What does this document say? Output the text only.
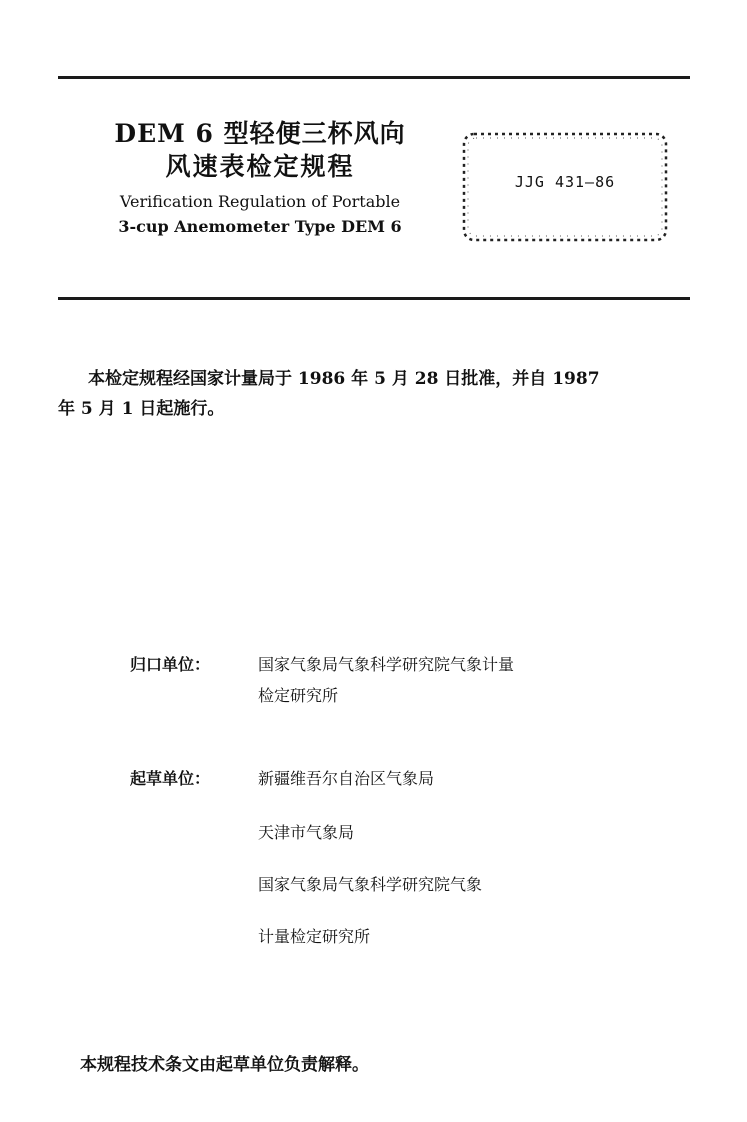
DEM 6 型轻便三杯风向
风速表检定规程
Verification Regulation of Portable
3-cup Anemometer Type DEM 6
JJG 431—86

本检定规程经国家计量局于 1986 年 5 月 28 日批准，并自 1987

年 5 月 1 日起施行。

归口单位：	国家气象局气象科学研究院气象计量
检定研究所
起草单位：	新疆维吾尔自治区气象局
天津市气象局
国家气象局气象科学研究院气象
计量检定研究所
本规程技术条文由起草单位负责解释。
